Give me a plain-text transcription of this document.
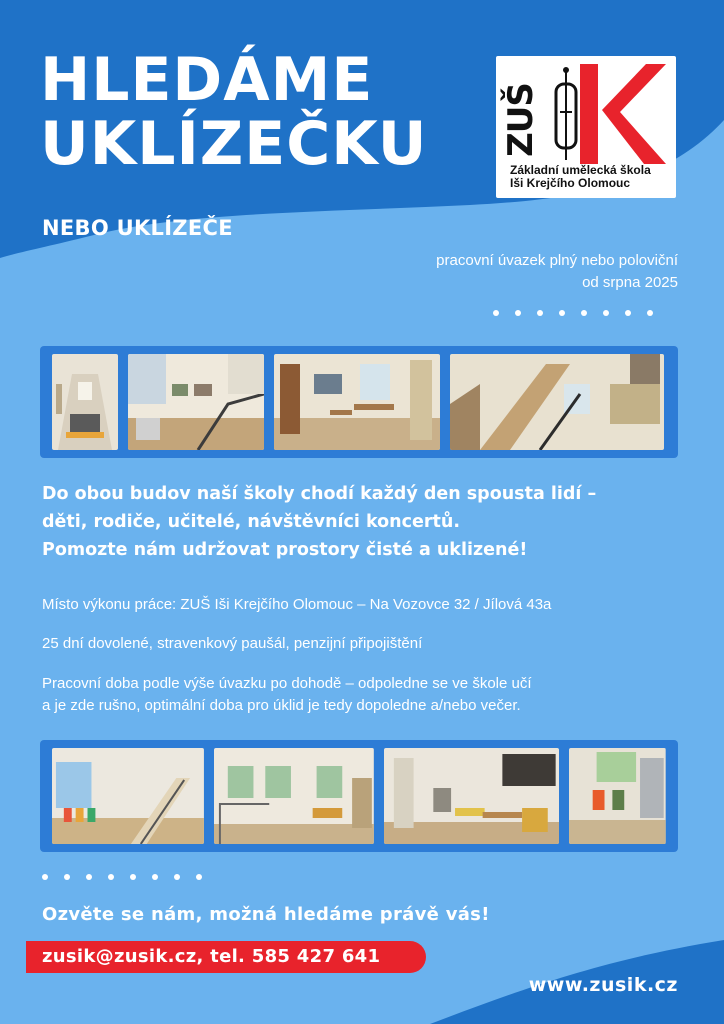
HLEDÁME
UKLÍZEČKU
NEBO UKLÍZEČE
ZUŠ
Základní umělecká škola
Iši Krejčího Olomouc
pracovní úvazek plný nebo poloviční
od srpna 2025

Do obou budov naší školy chodí každý den spousta lidí –
děti, rodiče, učitelé, návštěvníci koncertů.
Pomozte nám udržovat prostory čisté a uklizené!

Místo výkonu práce: ZUŠ Iši Krejčího Olomouc – Na Vozovce 32 / Jílová 43a

25 dní dovolené, stravenkový paušál, penzijní připojištění

Pracovní doba podle výše úvazku po dohodě – odpoledne se ve škole učí
a je zde rušno, optimální doba pro úklid je tedy dopoledne a/nebo večer.

Ozvěte se nám, možná hledáme právě vás!
zusik@zusik.cz, tel. 585 427 641
www.zusik.cz
